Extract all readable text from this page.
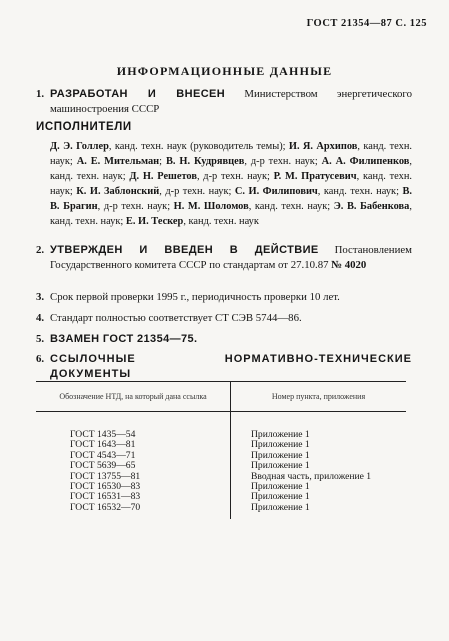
ГОСТ 21354—87 С. 125
ИНФОРМАЦИОННЫЕ ДАННЫЕ
1. РАЗРАБОТАН И ВНЕСЕН Министерством энергетического машиностроения СССР
ИСПОЛНИТЕЛИ
Д. Э. Голлер, канд. техн. наук (руководитель темы); И. Я. Архипов, канд. техн. наук; А. Е. Мительман; В. Н. Кудрявцев, д-р техн. наук; А. А. Филипенков, канд. техн. наук; Д. Н. Решетов, д-р техн. наук; Р. М. Пратусевич, канд. техн. наук; К. И. Заблонский, д-р техн. наук; С. И. Филипович, канд. техн. наук; В. В. Брагин, д-р техн. наук; Н. М. Шоломов, канд. техн. наук; Э. В. Бабенкова, канд. техн. наук; Е. И. Тескер, канд. техн. наук
2. УТВЕРЖДЕН И ВВЕДЕН В ДЕЙСТВИЕ Постановлением Государственного комитета СССР по стандартам от 27.10.87 № 4020
3. Срок первой проверки 1995 г., периодичность проверки 10 лет.
4. Стандарт полностью соответствует СТ СЭВ 5744—86.
5. ВЗАМЕН ГОСТ 21354—75.
6. ССЫЛОЧНЫЕ НОРМАТИВНО-ТЕХНИЧЕСКИЕ ДОКУМЕНТЫ
Обозначение НТД, на который дана ссылка	Номер пункта, приложения
ГОСТ 1435—54	Приложение 1
ГОСТ 1643—81	Приложение 1
ГОСТ 4543—71	Приложение 1
ГОСТ 5639—65	Приложение 1
ГОСТ 13755—81	Вводная часть, приложение 1
ГОСТ 16530—83	Приложение 1
ГОСТ 16531—83	Приложение 1
ГОСТ 16532—70	Приложение 1
